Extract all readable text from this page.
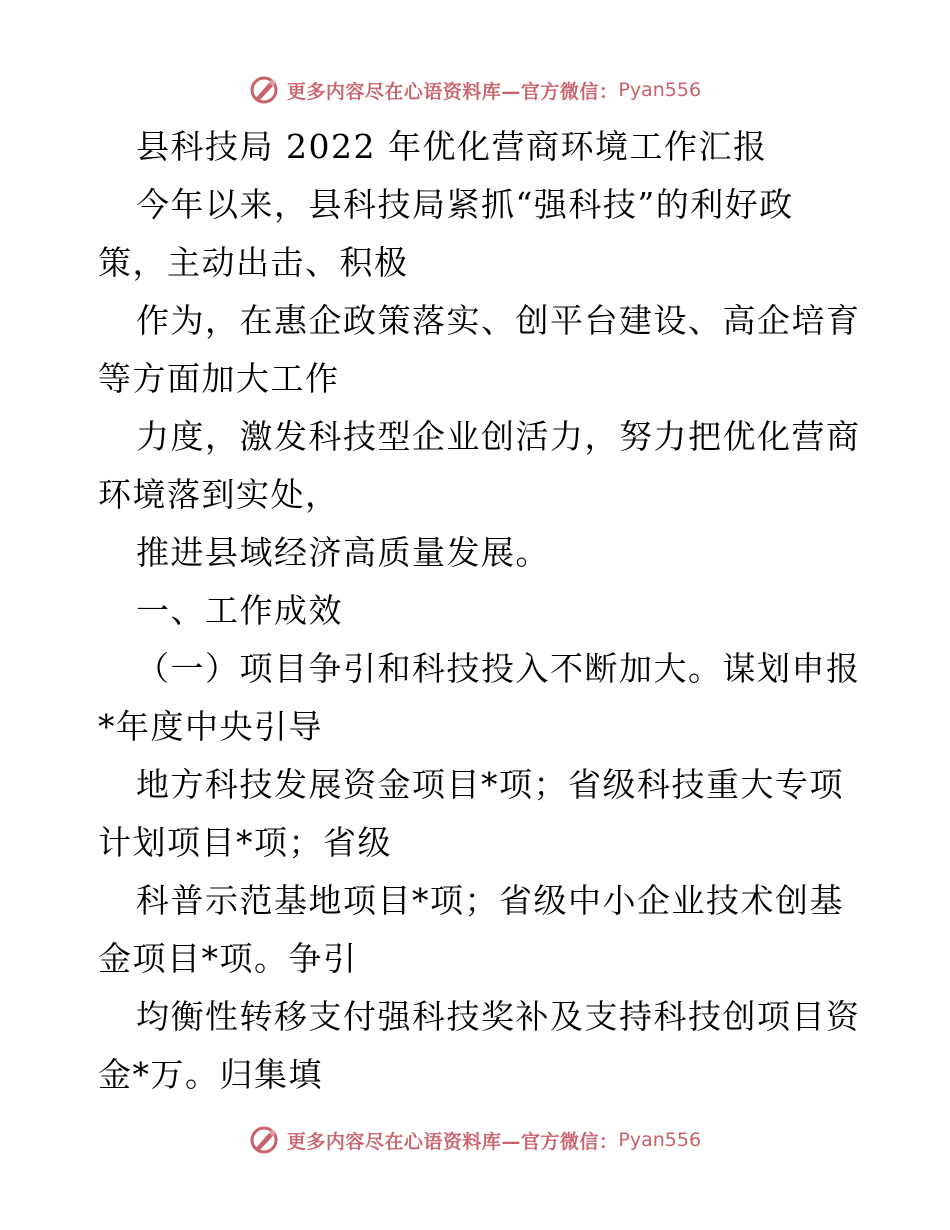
更多内容尽在心语资料库—官方微信： Pyan556
县科技局 2022 年优化营商环境工作汇报
今年以来，县科技局紧抓“强科技”的利好政
策，主动出击、积极
作为，在惠企政策落实、创平台建设、高企培育
等方面加大工作
力度，激发科技型企业创活力，努力把优化营商
环境落到实处，
推进县域经济高质量发展。
一、工作成效
（一）项目争引和科技投入不断加大。谋划申报
*年度中央引导
地方科技发展资金项目*项；省级科技重大专项
计划项目*项；省级
科普示范基地项目*项；省级中小企业技术创基
金项目*项。争引
均衡性转移支付强科技奖补及支持科技创项目资
金*万。归集填
更多内容尽在心语资料库—官方微信： Pyan556
